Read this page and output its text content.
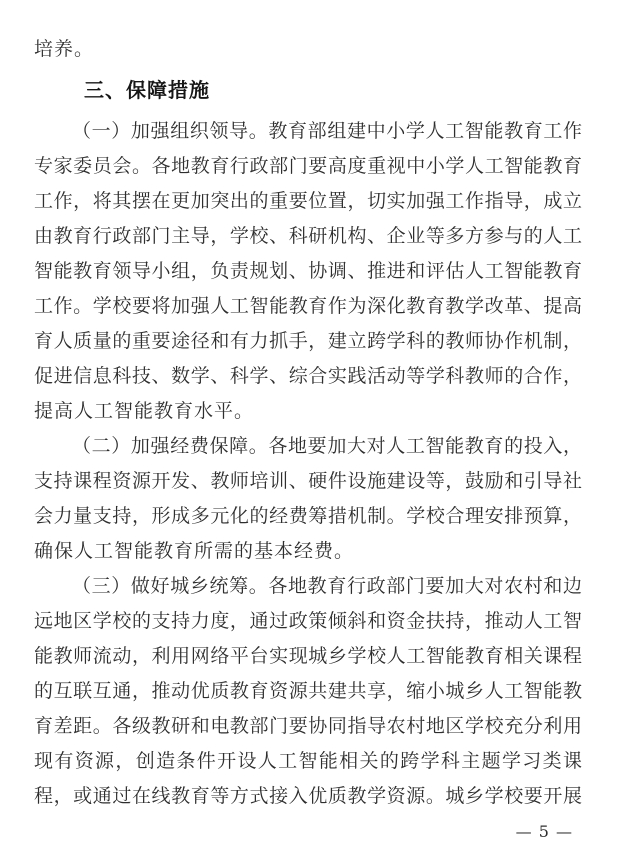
培养。
三、保障措施
（一）加强组织领导。教育部组建中小学人工智能教育工作
专家委员会。各地教育行政部门要高度重视中小学人工智能教育
工作，将其摆在更加突出的重要位置，切实加强工作指导，成立
由教育行政部门主导，学校、科研机构、企业等多方参与的人工
智能教育领导小组，负责规划、协调、推进和评估人工智能教育
工作。学校要将加强人工智能教育作为深化教育教学改革、提高
育人质量的重要途径和有力抓手，建立跨学科的教师协作机制，
促进信息科技、数学、科学、综合实践活动等学科教师的合作，
提高人工智能教育水平。
（二）加强经费保障。各地要加大对人工智能教育的投入，
支持课程资源开发、教师培训、硬件设施建设等，鼓励和引导社
会力量支持，形成多元化的经费筹措机制。学校合理安排预算，
确保人工智能教育所需的基本经费。
（三）做好城乡统筹。各地教育行政部门要加大对农村和边
远地区学校的支持力度，通过政策倾斜和资金扶持，推动人工智
能教师流动，利用网络平台实现城乡学校人工智能教育相关课程
的互联互通，推动优质教育资源共建共享，缩小城乡人工智能教
育差距。各级教研和电教部门要协同指导农村地区学校充分利用
现有资源，创造条件开设人工智能相关的跨学科主题学习类课
程，或通过在线教育等方式接入优质教学资源。城乡学校要开展
— 5 —
